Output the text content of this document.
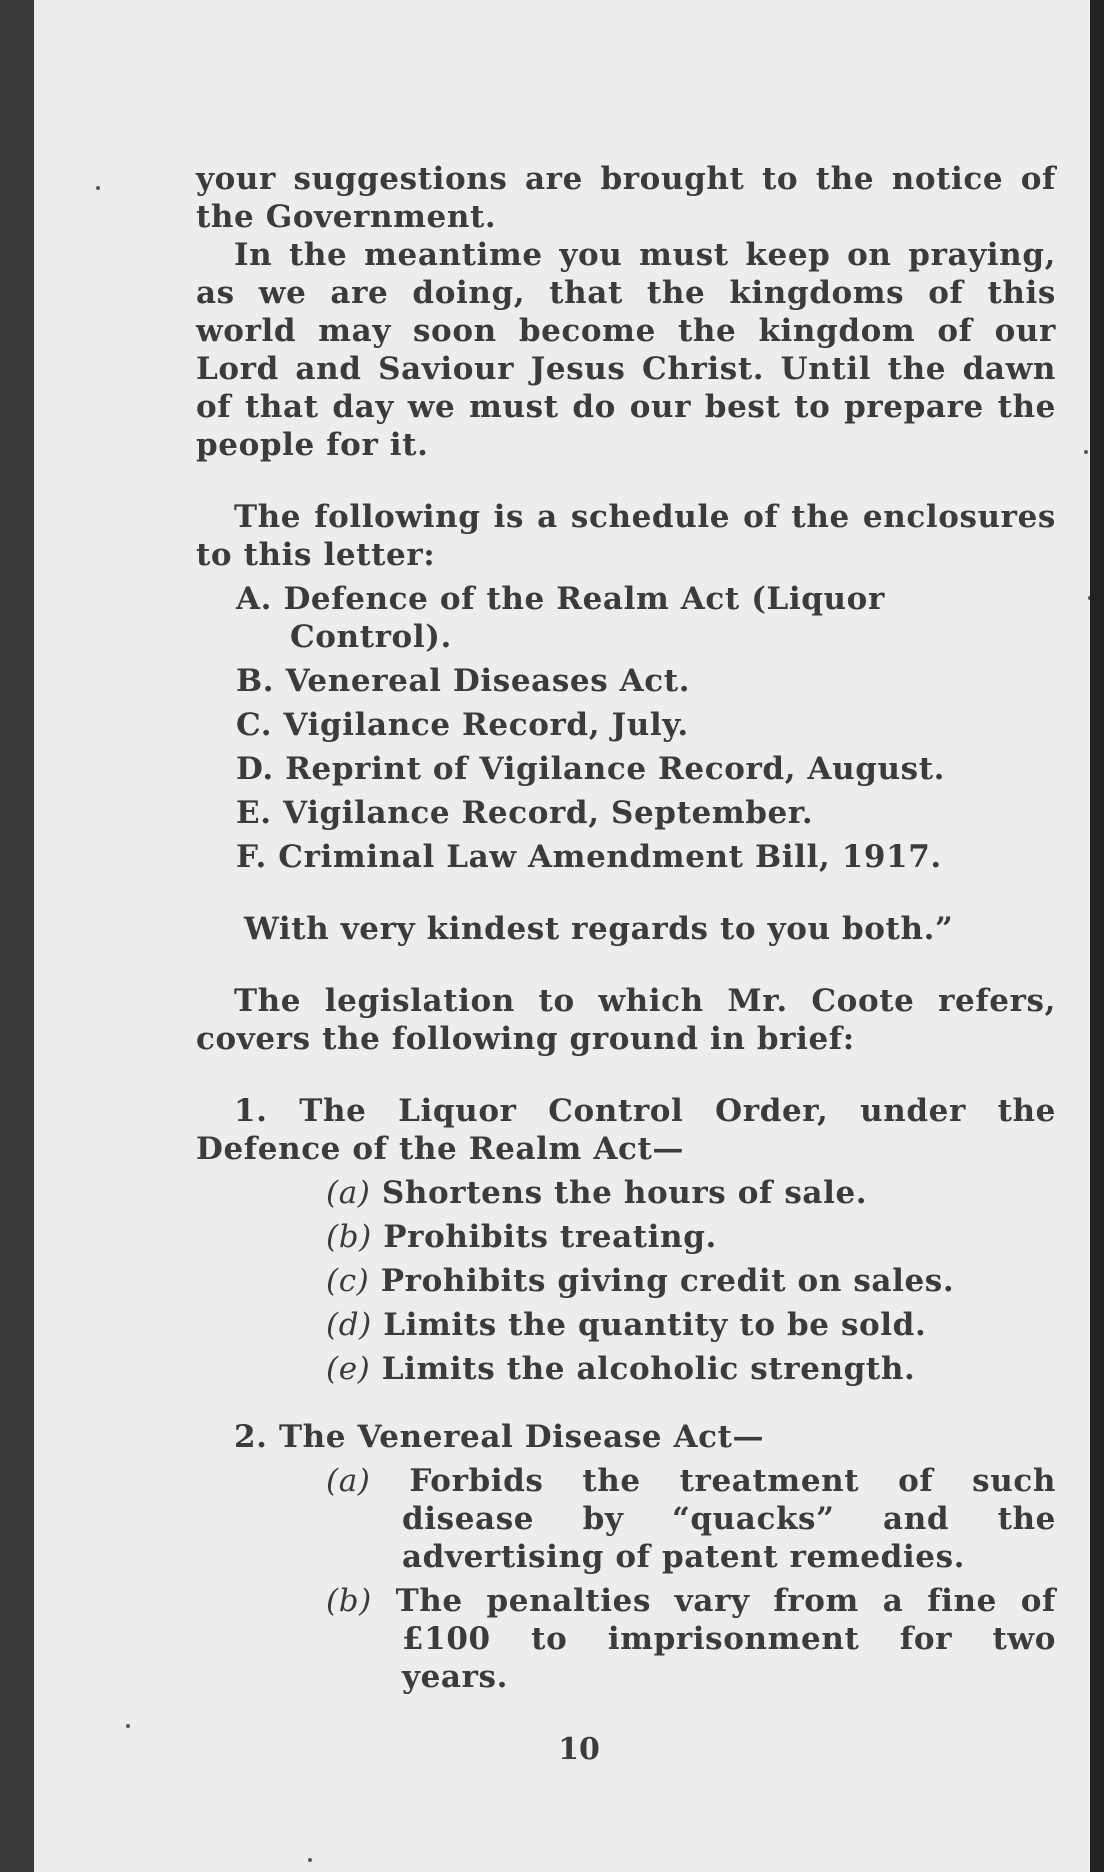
your suggestions are brought to the notice of the Government.

In the meantime you must keep on praying, as we are doing, that the kingdoms of this world may soon become the kingdom of our Lord and Saviour Jesus Christ. Until the dawn of that day we must do our best to prepare the people for it.

The following is a schedule of the enclosures to this letter:

A. Defence of the Realm Act (Liquor Control).
B. Venereal Diseases Act.
C. Vigilance Record, July.
D. Reprint of Vigilance Record, August.
E. Vigilance Record, September.
F. Criminal Law Amendment Bill, 1917.

With very kindest regards to you both.”

The legislation to which Mr. Coote refers, covers the following ground in brief:

1. The Liquor Control Order, under the Defence of the Realm Act—

(a) Shortens the hours of sale.
(b) Prohibits treating.
(c) Prohibits giving credit on sales.
(d) Limits the quantity to be sold.
(e) Limits the alcoholic strength.

2. The Venereal Disease Act—

(a) Forbids the treatment of such disease by “quacks” and the advertising of patent remedies.
(b) The penalties vary from a fine of £100 to imprisonment for two years.
10
